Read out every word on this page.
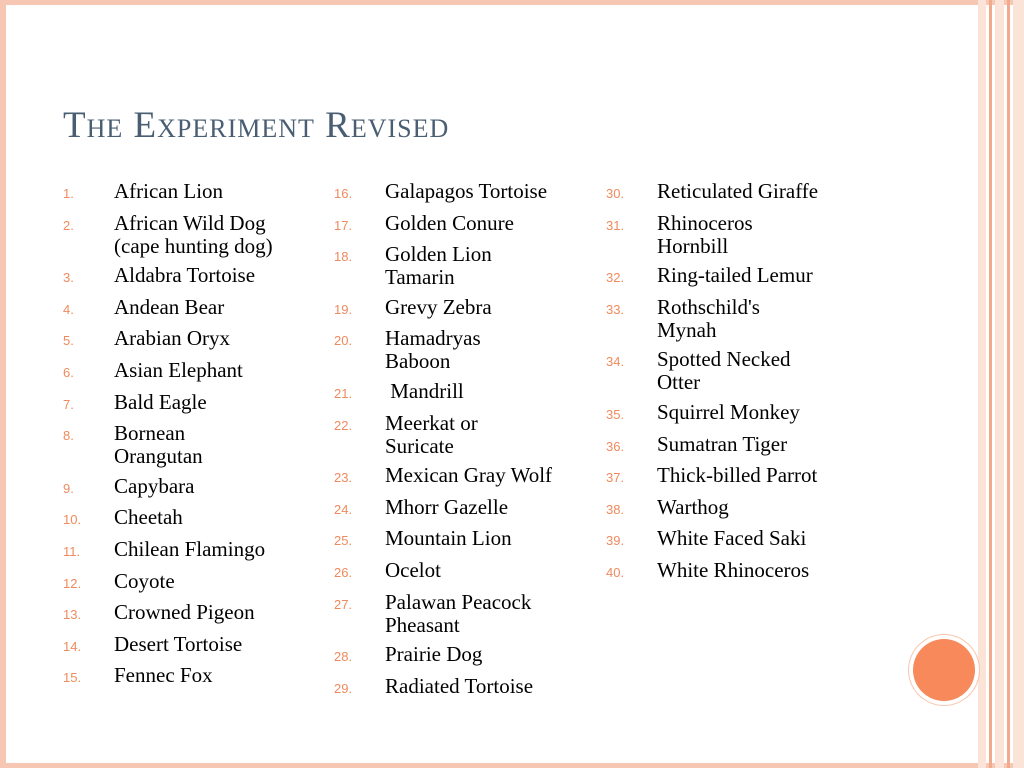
The Experiment Revised
1.	African Lion
2.	African Wild Dog
(cape hunting dog)
3.	Aldabra Tortoise
4.	Andean Bear
5.	Arabian Oryx
6.	Asian Elephant
7.	Bald Eagle
8.	Bornean
Orangutan
9.	Capybara
10.	Cheetah
11.	Chilean Flamingo
12.	Coyote
13.	Crowned Pigeon
14.	Desert Tortoise
15.	Fennec Fox
16.	Galapagos Tortoise
17.	Golden Conure
18.	Golden Lion
Tamarin
19.	Grevy Zebra
20.	Hamadryas
Baboon
21.	Mandrill
22.	Meerkat or
Suricate
23.	Mexican Gray Wolf
24.	Mhorr Gazelle
25.	Mountain Lion
26.	Ocelot
27.	Palawan Peacock
Pheasant
28.	Prairie Dog
29.	Radiated Tortoise
30.	Reticulated Giraffe
31.	Rhinoceros
Hornbill
32.	Ring-tailed Lemur
33.	Rothschild's
Mynah
34.	Spotted Necked
Otter
35.	Squirrel Monkey
36.	Sumatran Tiger
37.	Thick-billed Parrot
38.	Warthog
39.	White Faced Saki
40.	White Rhinoceros
